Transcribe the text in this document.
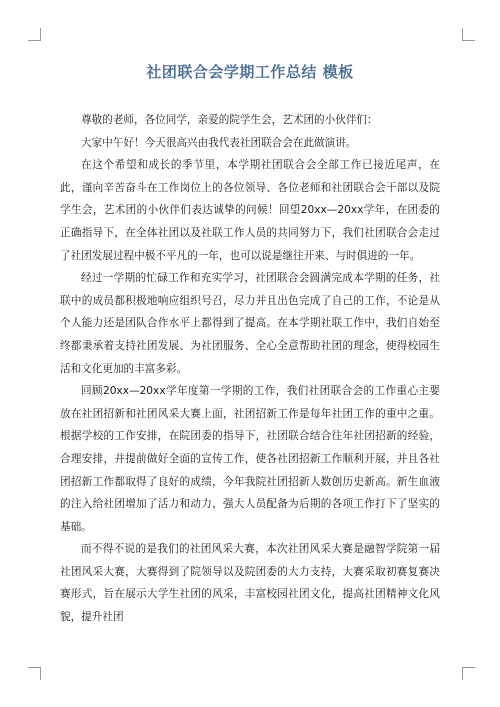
社团联合会学期工作总结 模板

尊敬的老师，各位同学，亲爱的院学生会，艺术团的小伙伴们：

大家中午好！今天很高兴由我代表社团联合会在此做演讲。

在这个希望和成长的季节里，本学期社团联合会全部工作已接近尾声，在此，谨向辛苦奋斗在工作岗位上的各位领导、各位老师和社团联合会干部以及院学生会，艺术团的小伙伴们表达诚挚的问候！回望20xx—20xx学年，在团委的正确指导下，在全体社团以及社联工作人员的共同努力下，我们社团联合会走过了社团发展过程中极不平凡的一年，也可以说是继往开来、与时俱进的一年。

经过一学期的忙碌工作和充实学习，社团联合会圆满完成本学期的任务，社联中的成员都积极地响应组织号召，尽力并且出色完成了自己的工作，不论是从个人能力还是团队合作水平上都得到了提高。在本学期社联工作中，我们自始至终都秉承着支持社团发展、为社团服务、全心全意帮助社团的理念，使得校园生活和文化更加的丰富多彩。

回顾20xx—20xx学年度第一学期的工作，我们社团联合会的工作重心主要放在社团招新和社团风采大赛上面，社团招新工作是每年社团工作的重中之重。根据学校的工作安排，在院团委的指导下，社团联合结合往年社团招新的经验，合理安排，并提前做好全面的宣传工作，使各社团招新工作顺利开展，并且各社团招新工作都取得了良好的成绩，今年我院社团招新人数创历史新高。新生血液的注入给社团增加了活力和动力，强大人员配备为后期的各项工作打下了坚实的基础。

而不得不说的是我们的社团风采大赛，本次社团风采大赛是融智学院第一届社团风采大赛，大赛得到了院领导以及院团委的大力支持，大赛采取初赛复赛决赛形式，旨在展示大学生社团的风采，丰富校园社团文化，提高社团精神文化风貌，提升社团
